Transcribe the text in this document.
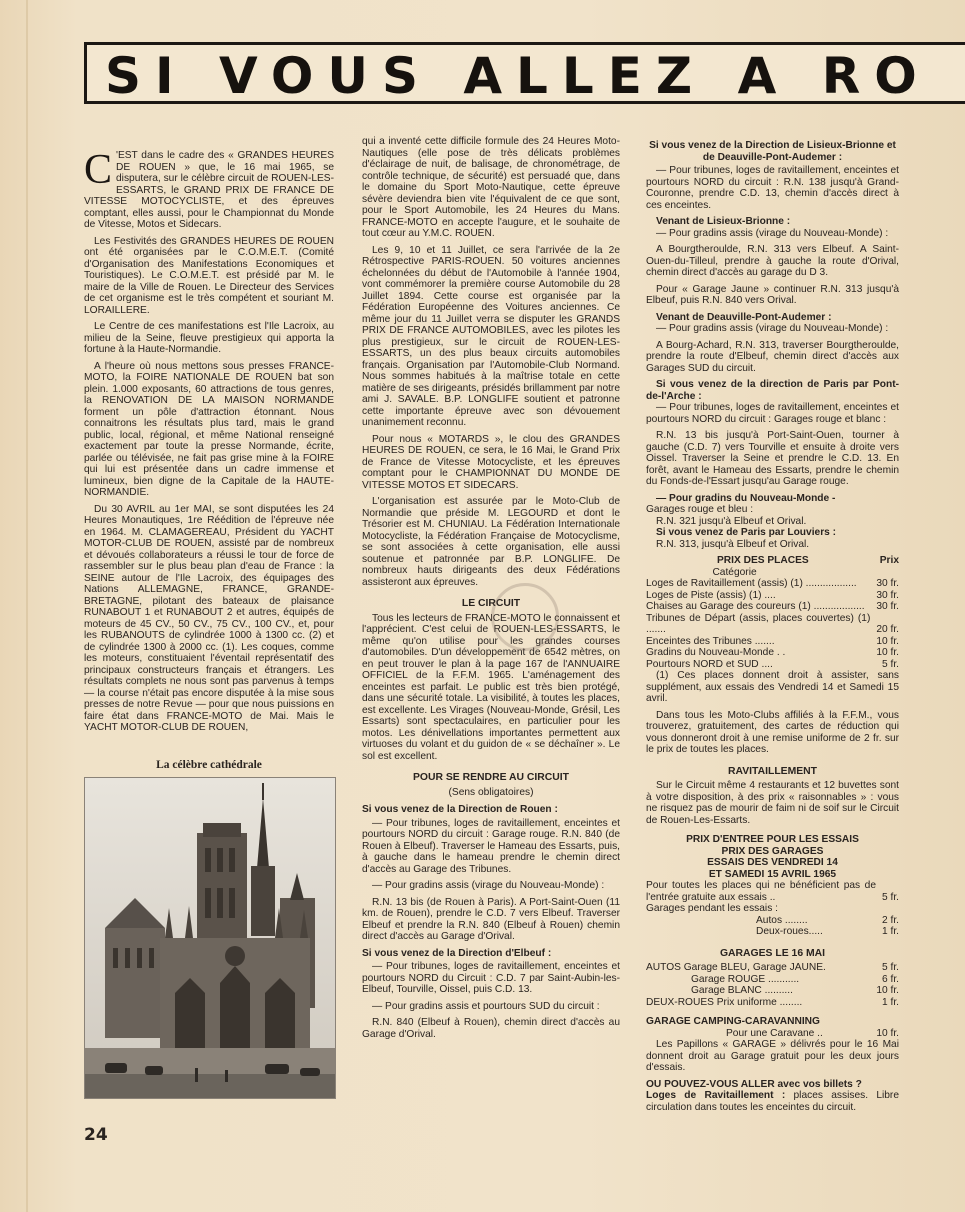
SI VOUS ALLEZ A RO

C 'EST dans le cadre des « GRANDES HEURES DE ROUEN » que, le 16 mai 1965, se disputera, sur le célèbre circuit de ROUEN-LES-ESSARTS, le GRAND PRIX DE FRANCE DE VITESSE MOTOCYCLISTE, et des épreuves comptant, elles aussi, pour le Championnat du Monde de Vitesse, Motos et Sidecars.

Les Festivités des GRANDES HEURES DE ROUEN ont été organisées par le C.O.M.E.T. (Comité d'Organisation des Manifestations Economiques et Touristiques). Le C.O.M.E.T. est présidé par M. le maire de la Ville de Rouen. Le Directeur des Services de cet organisme est le très compétent et souriant M. LORAILLERE.

Le Centre de ces manifestations est l'Ile Lacroix, au milieu de la Seine, fleuve prestigieux qui apporta la fortune à la Haute-Normandie.

A l'heure où nous mettons sous presses FRANCE-MOTO, la FOIRE NATIONALE DE ROUEN bat son plein. 1.000 exposants, 60 attractions de tous genres, la RENOVATION DE LA MAISON NORMANDE forment un pôle d'attraction étonnant. Nous connaitrons les résultats plus tard, mais le grand public, local, régional, et même National renseigné exactement par toute la presse Normande, écrite, parlée ou télévisée, ne fait pas grise mine à la FOIRE qui lui est présentée dans un cadre immense et lumineux, bien digne de la Capitale de la HAUTE-NORMANDIE.

Du 30 AVRIL au 1er MAI, se sont disputées les 24 Heures Monautiques, 1re Réédition de l'épreuve née en 1964. M. CLAMAGEREAU, Président du YACHT MOTOR-CLUB DE ROUEN, assisté par de nombreux et dévoués collaborateurs a réussi le tour de force de rassembler sur le plus beau plan d'eau de France : la SEINE autour de l'Ile Lacroix, des équipages des Nations ALLEMAGNE, FRANCE, GRANDE-BRETAGNE, pilotant des bateaux de plaisance RUNABOUT 1 et RUNABOUT 2 et autres, équipés de moteurs de 45 CV., 50 CV., 75 CV., 100 CV., et, pour les RUBANOUTS de cylindrée 1000 à 1300 cc. (2) et de cylindrée 1300 à 2000 cc. (1). Les coques, comme les moteurs, constituaient l'éventail représentatif des principaux constructeurs français et étrangers. Les résultats complets ne nous sont pas parvenus à temps — la course n'était pas encore disputée à la mise sous presses de notre Revue — pour que nous puissions en faire état dans FRANCE-MOTO de Mai. Mais le YACHT MOTOR-CLUB DE ROUEN,

La célèbre cathédrale

qui a inventé cette difficile formule des 24 Heures Moto-Nautiques (elle pose de très délicats problèmes d'éclairage de nuit, de balisage, de chronométrage, de contrôle technique, de sécurité) est persuadé que, dans le domaine du Sport Moto-Nautique, cette épreuve sévère deviendra bien vite l'équivalent de ce que sont, pour le Sport Automobile, les 24 Heures du Mans. FRANCE-MOTO en accepte l'augure, et le souhaite de tout cœur au Y.M.C. ROUEN.

Les 9, 10 et 11 Juillet, ce sera l'arrivée de la 2e Rétrospective PARIS-ROUEN. 50 voitures anciennes échelonnées du début de l'Automobile à l'année 1904, vont commémorer la première course Automobile du 28 Juillet 1894. Cette course est organisée par la Fédération Européenne des Voitures anciennes. Ce même jour du 11 Juillet verra se disputer les GRANDS PRIX DE FRANCE AUTOMOBILES, avec les pilotes les plus prestigieux, sur le circuit de ROUEN-LES-ESSARTS, un des plus beaux circuits automobiles français. Organisation par l'Automobile-Club Normand. Nous sommes habitués à la maîtrise totale en cette matière de ses dirigeants, présidés brillamment par notre ami J. SAVALE. B.P. LONGLIFE soutient et patronne cette importante épreuve avec son dévouement unanimement reconnu.

Pour nous « MOTARDS », le clou des GRANDES HEURES DE ROUEN, ce sera, le 16 Mai, le Grand Prix de France de Vitesse Motocycliste, et les épreuves comptant pour le CHAMPIONNAT DU MONDE DE VITESSE MOTOS ET SIDECARS.

L'organisation est assurée par le Moto-Club de Normandie que préside M. LEGOURD et dont le Trésorier est M. CHUNIAU. La Fédération Internationale Motocycliste, la Fédération Française de Motocyclisme, se sont associées à cette organisation, elle aussi soutenue et patronnée par B.P. LONGLIFE. De nombreux hauts dirigeants des deux Fédérations assisteront aux épreuves.

LE CIRCUIT

Tous les lecteurs de FRANCE-MOTO le connaissent et l'apprécient. C'est celui de ROUEN-LES-ESSARTS, le même qu'on utilise pour les grandes courses d'automobiles. D'un développement de 6542 mètres, on en peut trouver le plan à la page 167 de l'ANNUAIRE OFFICIEL de la F.F.M. 1965. L'aménagement des enceintes est parfait. Le public est très bien protégé, dans une sécurité totale. La visibilité, à toutes les places, est excellente. Les Virages (Nouveau-Monde, Grésil, Les Essarts) sont spectaculaires, en particulier pour les motos. Les dénivellations importantes permettent aux virtuoses du volant et du guidon de « se déchaîner ». Le sol est excellent.

POUR SE RENDRE AU CIRCUIT
(Sens obligatoires)
Si vous venez de la Direction de Rouen :

— Pour tribunes, loges de ravitaillement, enceintes et pourtours NORD du circuit : Garage rouge. R.N. 840 (de Rouen à Elbeuf). Traverser le Hameau des Essarts, puis, à gauche dans le hameau prendre le chemin direct d'accès au Garage des Tribunes.

— Pour gradins assis (virage du Nouveau-Monde) :

R.N. 13 bis (de Rouen à Paris). A Port-Saint-Ouen (11 km. de Rouen), prendre le C.D. 7 vers Elbeuf. Traverser Elbeuf et prendre la R.N. 840 (Elbeuf à Rouen) chemin direct d'accès au Garage d'Orival.

Si vous venez de la Direction d'Elbeuf :

— Pour tribunes, loges de ravitaillement, enceintes et pourtours NORD du Circuit : C.D. 7 par Saint-Aubin-les-Elbeuf, Tourville, Oissel, puis C.D. 13.

— Pour gradins assis et pourtours SUD du circuit :

R.N. 840 (Elbeuf à Rouen), chemin direct d'accès au Garage d'Orival.

Si vous venez de la Direction de Lisieux-Brionne et de Deauville-Pont-Audemer :

— Pour tribunes, loges de ravitaillement, enceintes et pourtours NORD du circuit : R.N. 138 jusqu'à Grand-Couronne, prendre C.D. 13, chemin d'accès direct à ces enceintes.

Venant de Lisieux-Brionne :

— Pour gradins assis (virage du Nouveau-Monde) :

A Bourgtheroulde, R.N. 313 vers Elbeuf. A Saint-Ouen-du-Tilleul, prendre à gauche la route d'Orival, chemin direct d'accès au garage du D 3.

Pour « Garage Jaune » continuer R.N. 313 jusqu'à Elbeuf, puis R.N. 840 vers Orival.

Venant de Deauville-Pont-Audemer :

— Pour gradins assis (virage du Nouveau-Monde) :

A Bourg-Achard, R.N. 313, traverser Bourgtheroulde, prendre la route d'Elbeuf, chemin direct d'accès aux Garages SUD du circuit.

Si vous venez de la direction de Paris par Pont-de-l'Arche :

— Pour tribunes, loges de ravitaillement, enceintes et pourtours NORD du circuit : Garages rouge et blanc :

R.N. 13 bis jusqu'à Port-Saint-Ouen, tourner à gauche (C.D. 7) vers Tourville et ensuite à droite vers Oissel. Traverser la Seine et prendre le C.D. 13. En forêt, avant le Hameau des Essarts, prendre le chemin du Fonds-de-l'Essart jusqu'au Garage rouge.

— Pour gradins du Nouveau-Monde -
Garages rouge et bleu :
R.N. 321 jusqu'à Elbeuf et Orival.
Si vous venez de Paris par Louviers :
R.N. 313, jusqu'à Elbeuf et Orival.
PRIX DES PLACES	Prix
Catégorie
Loges de Ravitaillement (assis) (1) ..................	30 fr.
Loges de Piste (assis) (1) ....	30 fr.
Chaises au Garage des coureurs (1) ..................	30 fr.
Tribunes de Départ (assis, places couvertes) (1) .......	20 fr.
Enceintes des Tribunes .......	10 fr.
Gradins du Nouveau-Monde . .	10 fr.
Pourtours NORD et SUD ....	5 fr.

(1) Ces places donnent droit à assister, sans supplément, aux essais des Vendredi 14 et Samedi 15 avril.

Dans tous les Moto-Clubs affiliés à la F.F.M., vous trouverez, gratuitement, des cartes de réduction qui vous donneront droit à une remise uniforme de 2 fr. sur le prix de toutes les places.

RAVITAILLEMENT

Sur le Circuit même 4 restaurants et 12 buvettes sont à votre disposition, à des prix « raisonnables » : vous ne risquez pas de mourir de faim ni de soif sur le Circuit de Rouen-Les-Essarts.

PRIX D'ENTREE POUR LES ESSAIS
PRIX DES GARAGES
ESSAIS DES VENDREDI 14
ET SAMEDI 15 AVRIL 1965
Pour toutes les places qui ne bénéficient pas de l'entrée gratuite aux essais ..	5 fr.
Garages pendant les essais :
Autos ........	2 fr.
Deux-roues.....	1 fr.
GARAGES LE 16 MAI
AUTOS Garage BLEU, Garage JAUNE.	5 fr.
Garage ROUGE ...........	6 fr.
Garage BLANC ..........	10 fr.
DEUX-ROUES Prix uniforme ........	1 fr.
GARAGE CAMPING-CARAVANNING
Pour une Caravane ..	10 fr.

Les Papillons « GARAGE » délivrés pour le 16 Mai donnent droit au Garage gratuit pour les deux jours d'essais.

OU POUVEZ-VOUS ALLER avec vos billets ?
Loges de Ravitaillement : places assises. Libre circulation dans toutes les enceintes du circuit.
24
